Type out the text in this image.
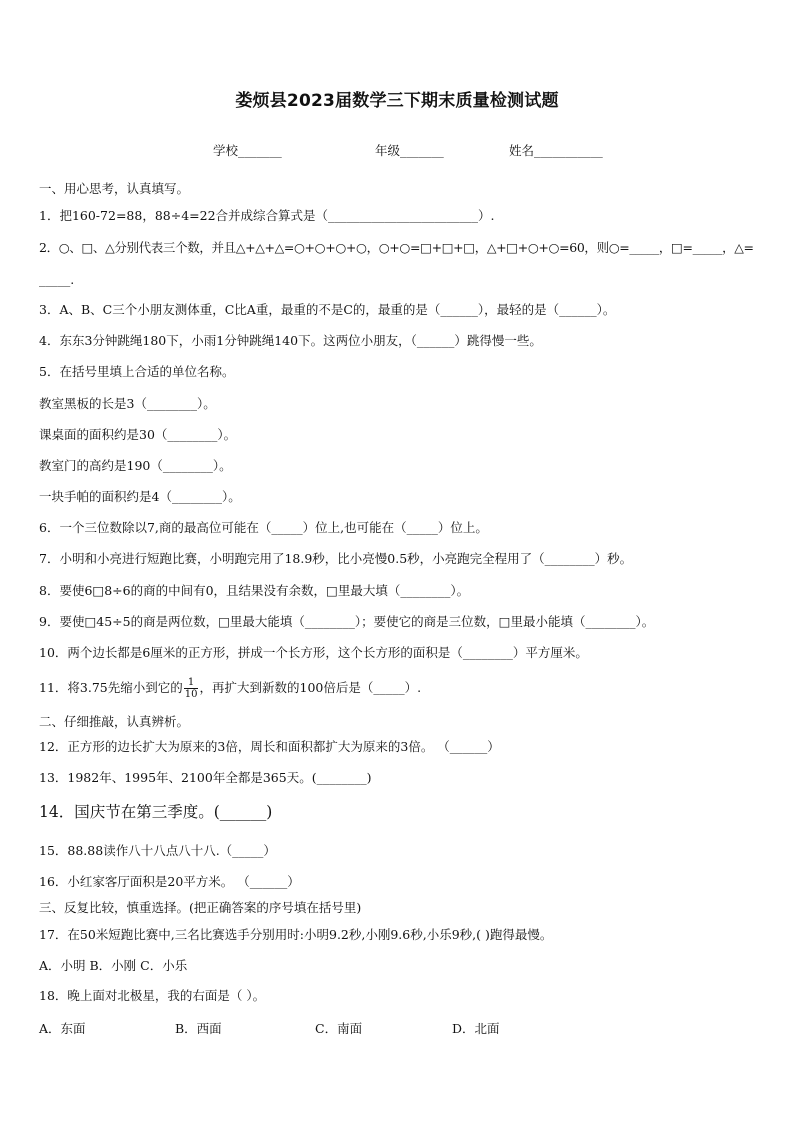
娄烦县2023届数学三下期末质量检测试题
学校_______	年级_______	姓名___________
一、用心思考，认真填写。
1．把160-72=88，88÷4=22合并成综合算式是（________________________）.
2．○、□、△分别代表三个数，并且△+△+△=○+○+○+○，○+○=□+□+□，△+□+○+○=60，则○=_____，□=_____，△=
_____.
3．A、B、C三个小朋友测体重，C比A重，最重的不是C的，最重的是（______），最轻的是（______）。
4．东东3分钟跳绳180下，小雨1分钟跳绳140下。这两位小朋友，（______）跳得慢一些。
5．在括号里填上合适的单位名称。
教室黑板的长是3（________）。
课桌面的面积约是30（________）。
教室门的高约是190（________）。
一块手帕的面积约是4（________）。
6．一个三位数除以7,商的最高位可能在（_____）位上,也可能在（_____）位上。
7．小明和小亮进行短跑比赛，小明跑完用了18.9秒，比小亮慢0.5秒，小亮跑完全程用了（________）秒。
8．要使6□8÷6的商的中间有0，且结果没有余数，□里最大填（________）。
9．要使□45÷5的商是两位数，□里最大能填（________）；要使它的商是三位数，□里最小能填（________）。
10．两个边长都是6厘米的正方形，拼成一个长方形，这个长方形的面积是（________）平方厘米。
11．将3.75先缩小到它的 $\frac{1}{10}$ ，再扩大到新数的100倍后是（_____）.
二、仔细推敲，认真辨析。
12．正方形的边长扩大为原来的3倍，周长和面积都扩大为原来的3倍。 （______）
13．1982年、1995年、2100年全都是365天。(________)
14．国庆节在第三季度。(______)
15．88.88读作八十八点八十八.（_____）
16．小红家客厅面积是20平方米。 （______）
三、反复比较，慎重选择。(把正确答案的序号填在括号里)
17．在50米短跑比赛中,三名比赛选手分别用时:小明9.2秒,小刚9.6秒,小乐9秒,( )跑得最慢。
A．小明 B．小刚 C．小乐
18．晚上面对北极星，我的右面是（ ）。
A．东面	B．西面	C．南面	D．北面
